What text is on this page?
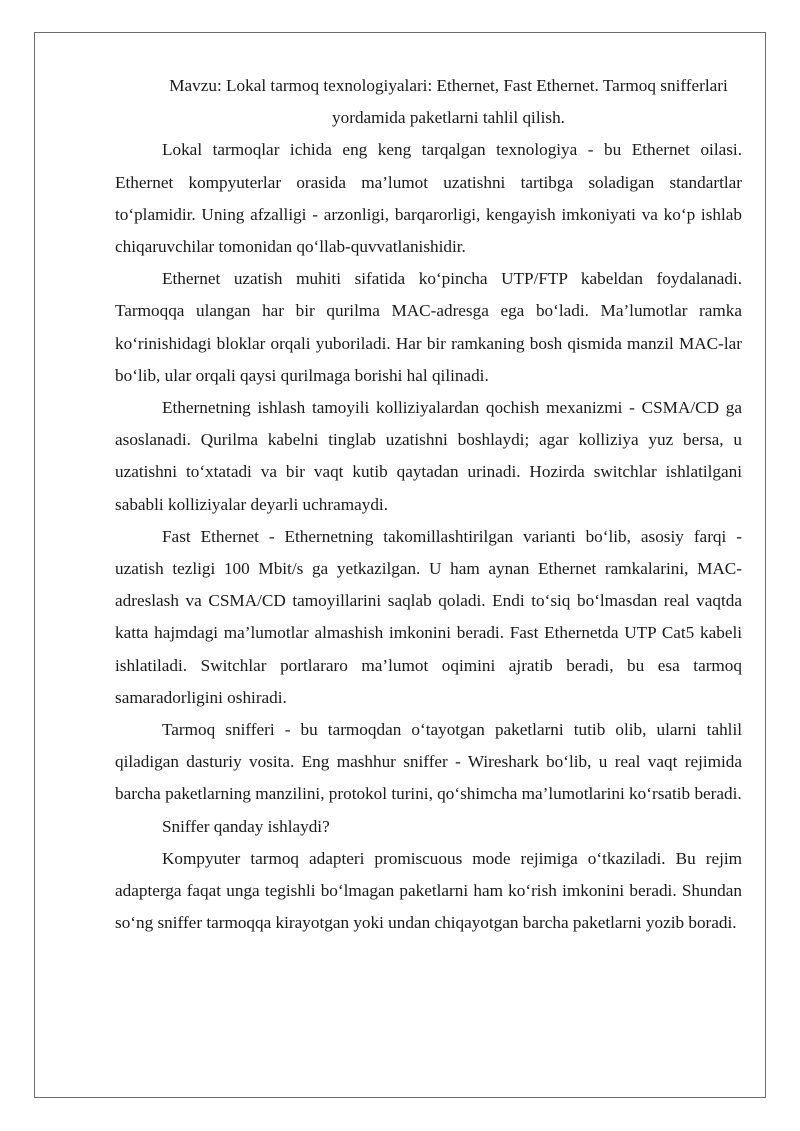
Mavzu: Lokal tarmoq texnologiyalari: Ethernet, Fast Ethernet. Tarmoq snifferlari yordamida paketlarni tahlil qilish.

Lokal tarmoqlar ichida eng keng tarqalgan texnologiya - bu Ethernet oilasi. Ethernet kompyuterlar orasida ma’lumot uzatishni tartibga soladigan standartlar to‘plamidir. Uning afzalligi - arzonligi, barqarorligi, kengayish imkoniyati va ko‘p ishlab chiqaruvchilar tomonidan qo‘llab-quvvatlanishidir.

Ethernet uzatish muhiti sifatida ko‘pincha UTP/FTP kabeldan foydalanadi. Tarmoqqa ulangan har bir qurilma MAC-adresga ega bo‘ladi. Ma’lumotlar ramka ko‘rinishidagi bloklar orqali yuboriladi. Har bir ramkaning bosh qismida manzil MAC-lar bo‘lib, ular orqali qaysi qurilmaga borishi hal qilinadi.

Ethernetning ishlash tamoyili kolliziyalardan qochish mexanizmi - CSMA/CD ga asoslanadi. Qurilma kabelni tinglab uzatishni boshlaydi; agar kolliziya yuz bersa, u uzatishni to‘xtatadi va bir vaqt kutib qaytadan urinadi. Hozirda switchlar ishlatilgani sababli kolliziyalar deyarli uchramaydi.

Fast Ethernet - Ethernetning takomillashtirilgan varianti bo‘lib, asosiy farqi - uzatish tezligi 100 Mbit/s ga yetkazilgan. U ham aynan Ethernet ramkalarini, MAC-adreslash va CSMA/CD tamoyillarini saqlab qoladi. Endi to‘siq bo‘lmasdan real vaqtda katta hajmdagi ma’lumotlar almashish imkonini beradi. Fast Ethernetda UTP Cat5 kabeli ishlatiladi. Switchlar portlararo ma’lumot oqimini ajratib beradi, bu esa tarmoq samaradorligini oshiradi.

Tarmoq snifferi - bu tarmoqdan o‘tayotgan paketlarni tutib olib, ularni tahlil qiladigan dasturiy vosita. Eng mashhur sniffer - Wireshark bo‘lib, u real vaqt rejimida barcha paketlarning manzilini, protokol turini, qo‘shimcha ma’lumotlarini ko‘rsatib beradi.

Sniffer qanday ishlaydi?

Kompyuter tarmoq adapteri promiscuous mode rejimiga o‘tkaziladi. Bu rejim adapterga faqat unga tegishli bo‘lmagan paketlarni ham ko‘rish imkonini beradi. Shundan so‘ng sniffer tarmoqqa kirayotgan yoki undan chiqayotgan barcha paketlarni yozib boradi.
